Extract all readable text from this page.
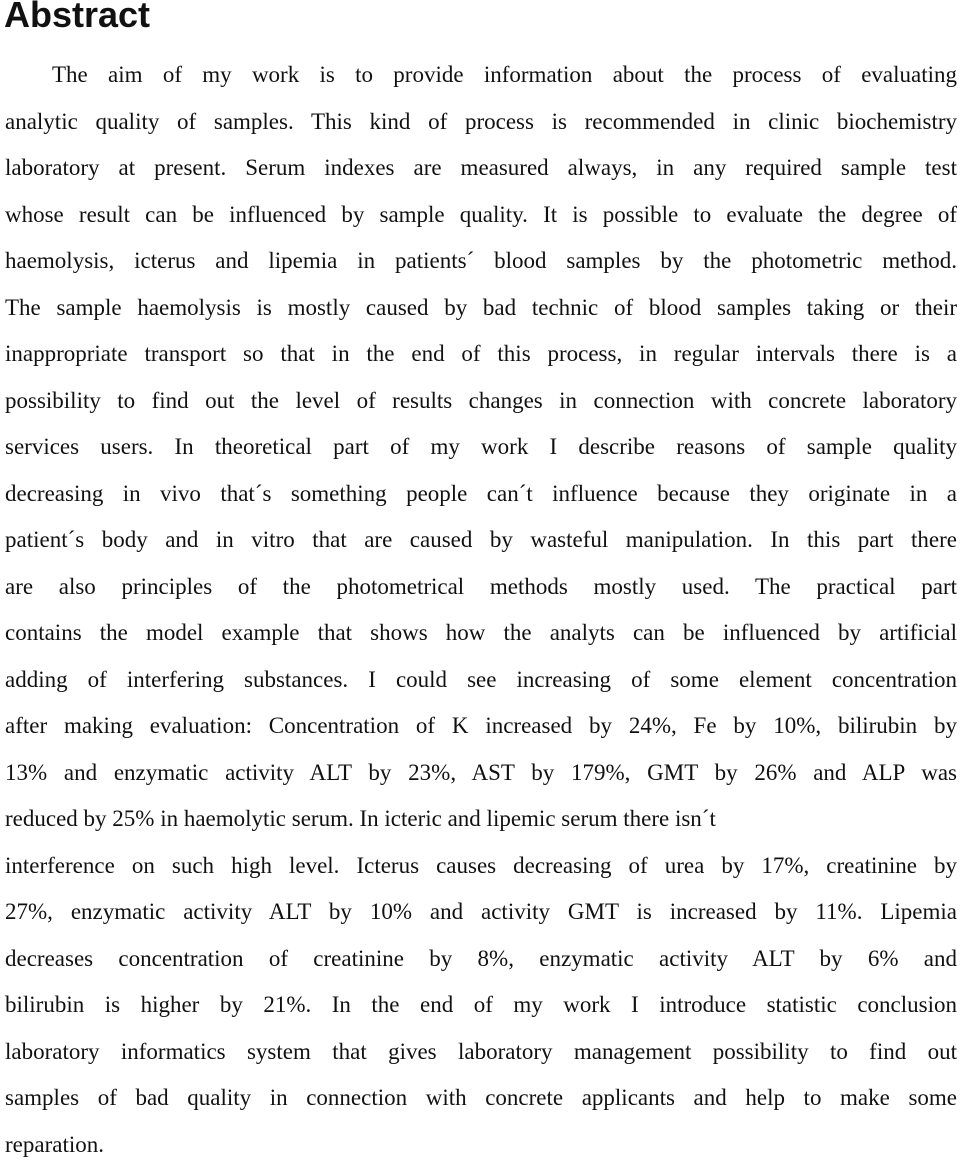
Abstract
The aim of my work is to provide information about the process of evaluating
analytic quality of samples. This kind of process is recommended in clinic biochemistry
laboratory at present. Serum indexes are measured always, in any required sample test
whose result can be influenced by sample quality. It is possible to evaluate the degree of
haemolysis, icterus and lipemia in patients´ blood samples by the photometric method.
The sample haemolysis is mostly caused by bad technic of blood samples taking or their
inappropriate transport so that in the end of this process, in regular intervals there is a
possibility to find out the level of results changes in connection with concrete laboratory
services users. In theoretical part of my work I describe reasons of sample quality
decreasing in vivo that´s something people can´t influence because they originate in a
patient´s body and in vitro that are caused by wasteful manipulation. In this part there
are also principles of the photometrical methods mostly used. The practical part
contains the model example that shows how the analyts can be influenced by artificial
adding of interfering substances. I could see increasing of some element concentration
after making evaluation: Concentration of K increased by 24%, Fe by 10%, bilirubin by
13% and enzymatic activity ALT by 23%, AST by 179%, GMT by 26% and ALP was
reduced by 25% in haemolytic serum. In icteric and lipemic serum there isn´t
interference on such high level. Icterus causes decreasing of urea by 17%, creatinine by
27%, enzymatic activity ALT by 10% and activity GMT is increased by 11%. Lipemia
decreases concentration of creatinine by 8%, enzymatic activity ALT by 6% and
bilirubin is higher by 21%. In the end of my work I introduce statistic conclusion
laboratory informatics system that gives laboratory management possibility to find out
samples of bad quality in connection with concrete applicants and help to make some
reparation.
